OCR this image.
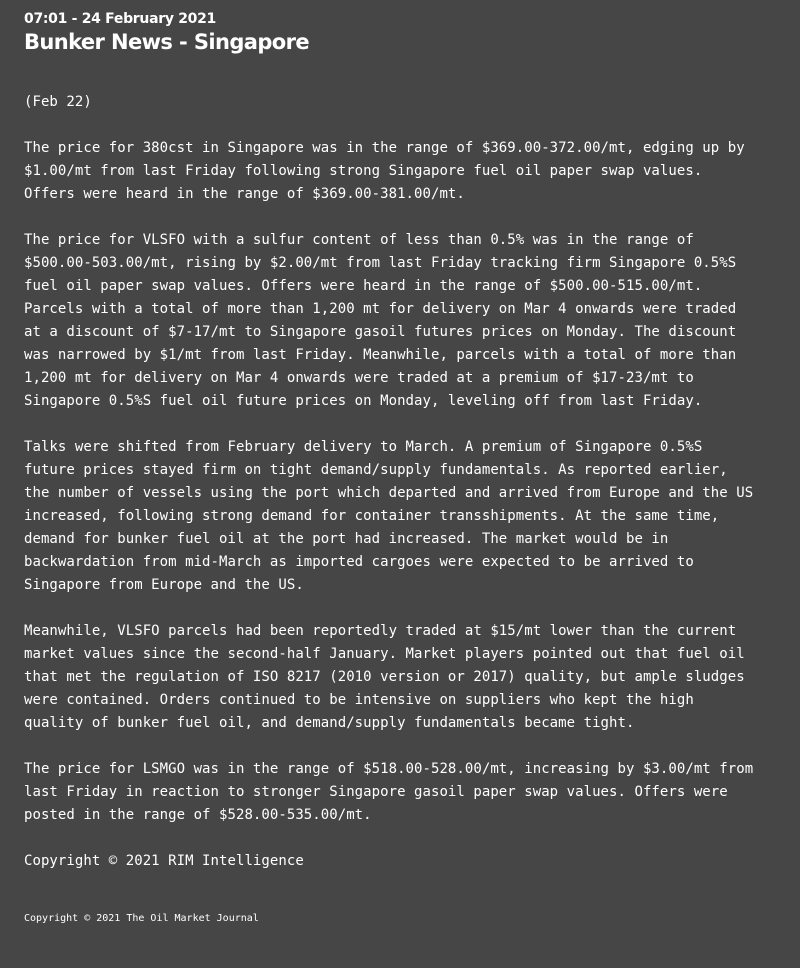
07:01 - 24 February 2021

Bunker News - Singapore

(Feb 22)

The price for 380cst in Singapore was in the range of $369.00-372.00/mt, edging up by
$1.00/mt from last Friday following strong Singapore fuel oil paper swap values.
Offers were heard in the range of $369.00-381.00/mt.

The price for VLSFO with a sulfur content of less than 0.5% was in the range of
$500.00-503.00/mt, rising by $2.00/mt from last Friday tracking firm Singapore 0.5%S
fuel oil paper swap values. Offers were heard in the range of $500.00-515.00/mt.
Parcels with a total of more than 1,200 mt for delivery on Mar 4 onwards were traded
at a discount of $7-17/mt to Singapore gasoil futures prices on Monday. The discount
was narrowed by $1/mt from last Friday. Meanwhile, parcels with a total of more than
1,200 mt for delivery on Mar 4 onwards were traded at a premium of $17-23/mt to
Singapore 0.5%S fuel oil future prices on Monday, leveling off from last Friday.

Talks were shifted from February delivery to March. A premium of Singapore 0.5%S
future prices stayed firm on tight demand/supply fundamentals. As reported earlier,
the number of vessels using the port which departed and arrived from Europe and the US
increased, following strong demand for container transshipments. At the same time,
demand for bunker fuel oil at the port had increased. The market would be in
backwardation from mid-March as imported cargoes were expected to be arrived to
Singapore from Europe and the US.

Meanwhile, VLSFO parcels had been reportedly traded at $15/mt lower than the current
market values since the second-half January. Market players pointed out that fuel oil
that met the regulation of ISO 8217 (2010 version or 2017) quality, but ample sludges
were contained. Orders continued to be intensive on suppliers who kept the high
quality of bunker fuel oil, and demand/supply fundamentals became tight.

The price for LSMGO was in the range of $518.00-528.00/mt, increasing by $3.00/mt from
last Friday in reaction to stronger Singapore gasoil paper swap values. Offers were
posted in the range of $528.00-535.00/mt.

Copyright © 2021 RIM Intelligence

Copyright © 2021 The Oil Market Journal
